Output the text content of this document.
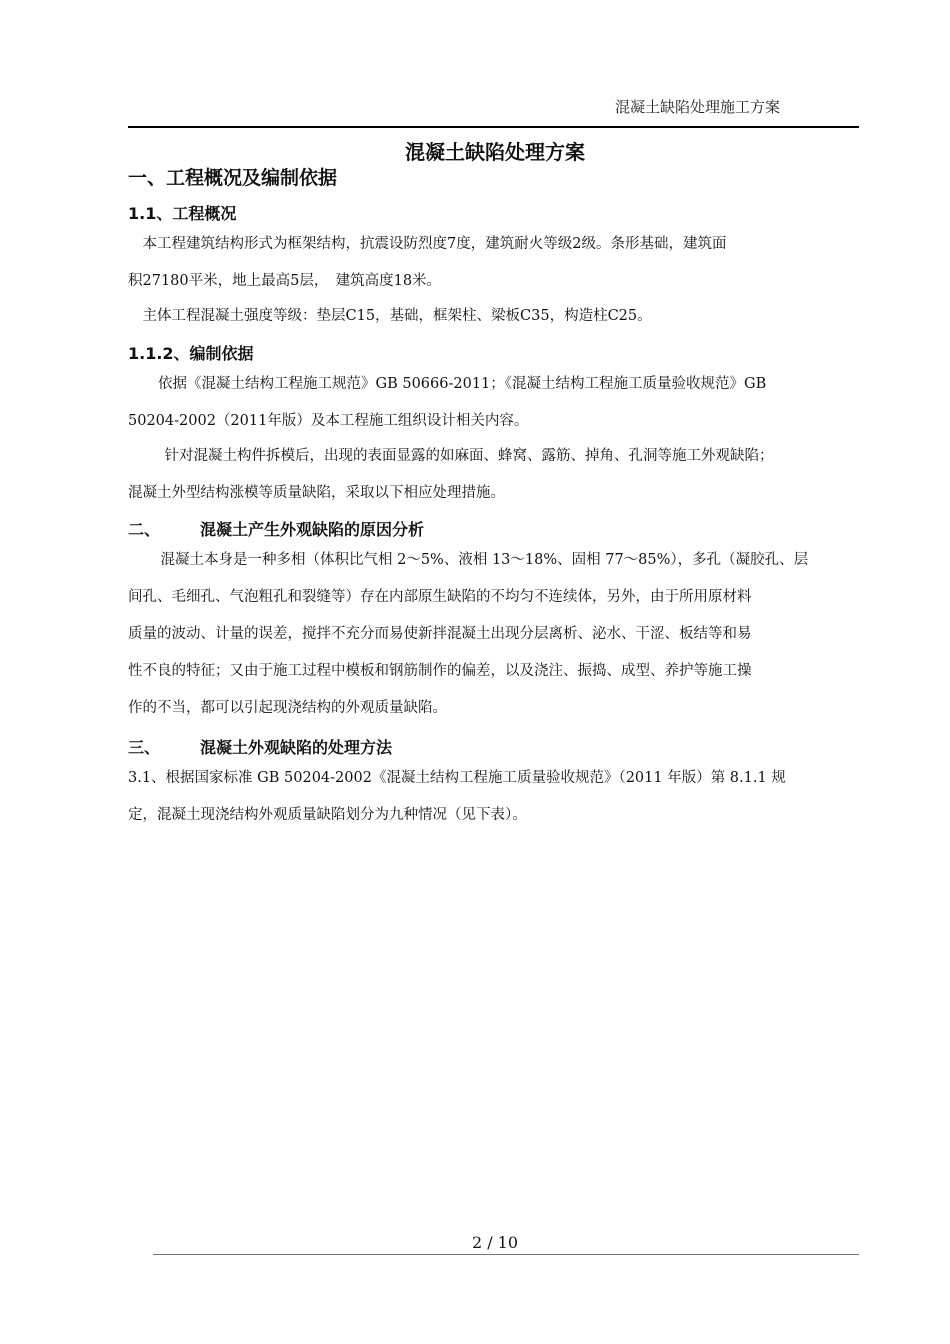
混凝土缺陷处理施工方案
混凝土缺陷处理方案
一、工程概况及编制依据
1.1、工程概况
　本工程建筑结构形式为框架结构，抗震设防烈度7度，建筑耐火等级2级。条形基础，建筑面
积27180平米，地上最高5层，　建筑高度18米。
　主体工程混凝土强度等级：垫层C15，基础，框架柱、梁板C35，构造柱C25。
1.1.2、编制依据
依据《混凝土结构工程施工规范》GB 50666-2011；《混凝土结构工程施工质量验收规范》GB
50204-2002（2011年版）及本工程施工组织设计相关内容。
　针对混凝土构件拆模后，出现的表面显露的如麻面、蜂窝、露筋、掉角、孔洞等施工外观缺陷；
混凝土外型结构涨模等质量缺陷，采取以下相应处理措施。
二、	混凝土产生外观缺陷的原因分析
　混凝土本身是一种多相（体积比气相 2～5%、液相 13～18%、固相 77～85%），多孔（凝胶孔、层
间孔、毛细孔、气泡粗孔和裂缝等）存在内部原生缺陷的不均匀不连续体，另外，由于所用原材料
质量的波动、计量的误差，搅拌不充分而易使新拌混凝土出现分层离析、泌水、干涩、板结等和易
性不良的特征；又由于施工过程中模板和钢筋制作的偏差，以及浇注、振捣、成型、养护等施工操
作的不当，都可以引起现浇结构的外观质量缺陷。
三、	混凝土外观缺陷的处理方法
3.1、根据国家标准 GB 50204-2002《混凝土结构工程施工质量验收规范》（2011 年版）第 8.1.1 规
定，混凝土现浇结构外观质量缺陷划分为九种情况（见下表）。
2 / 10
